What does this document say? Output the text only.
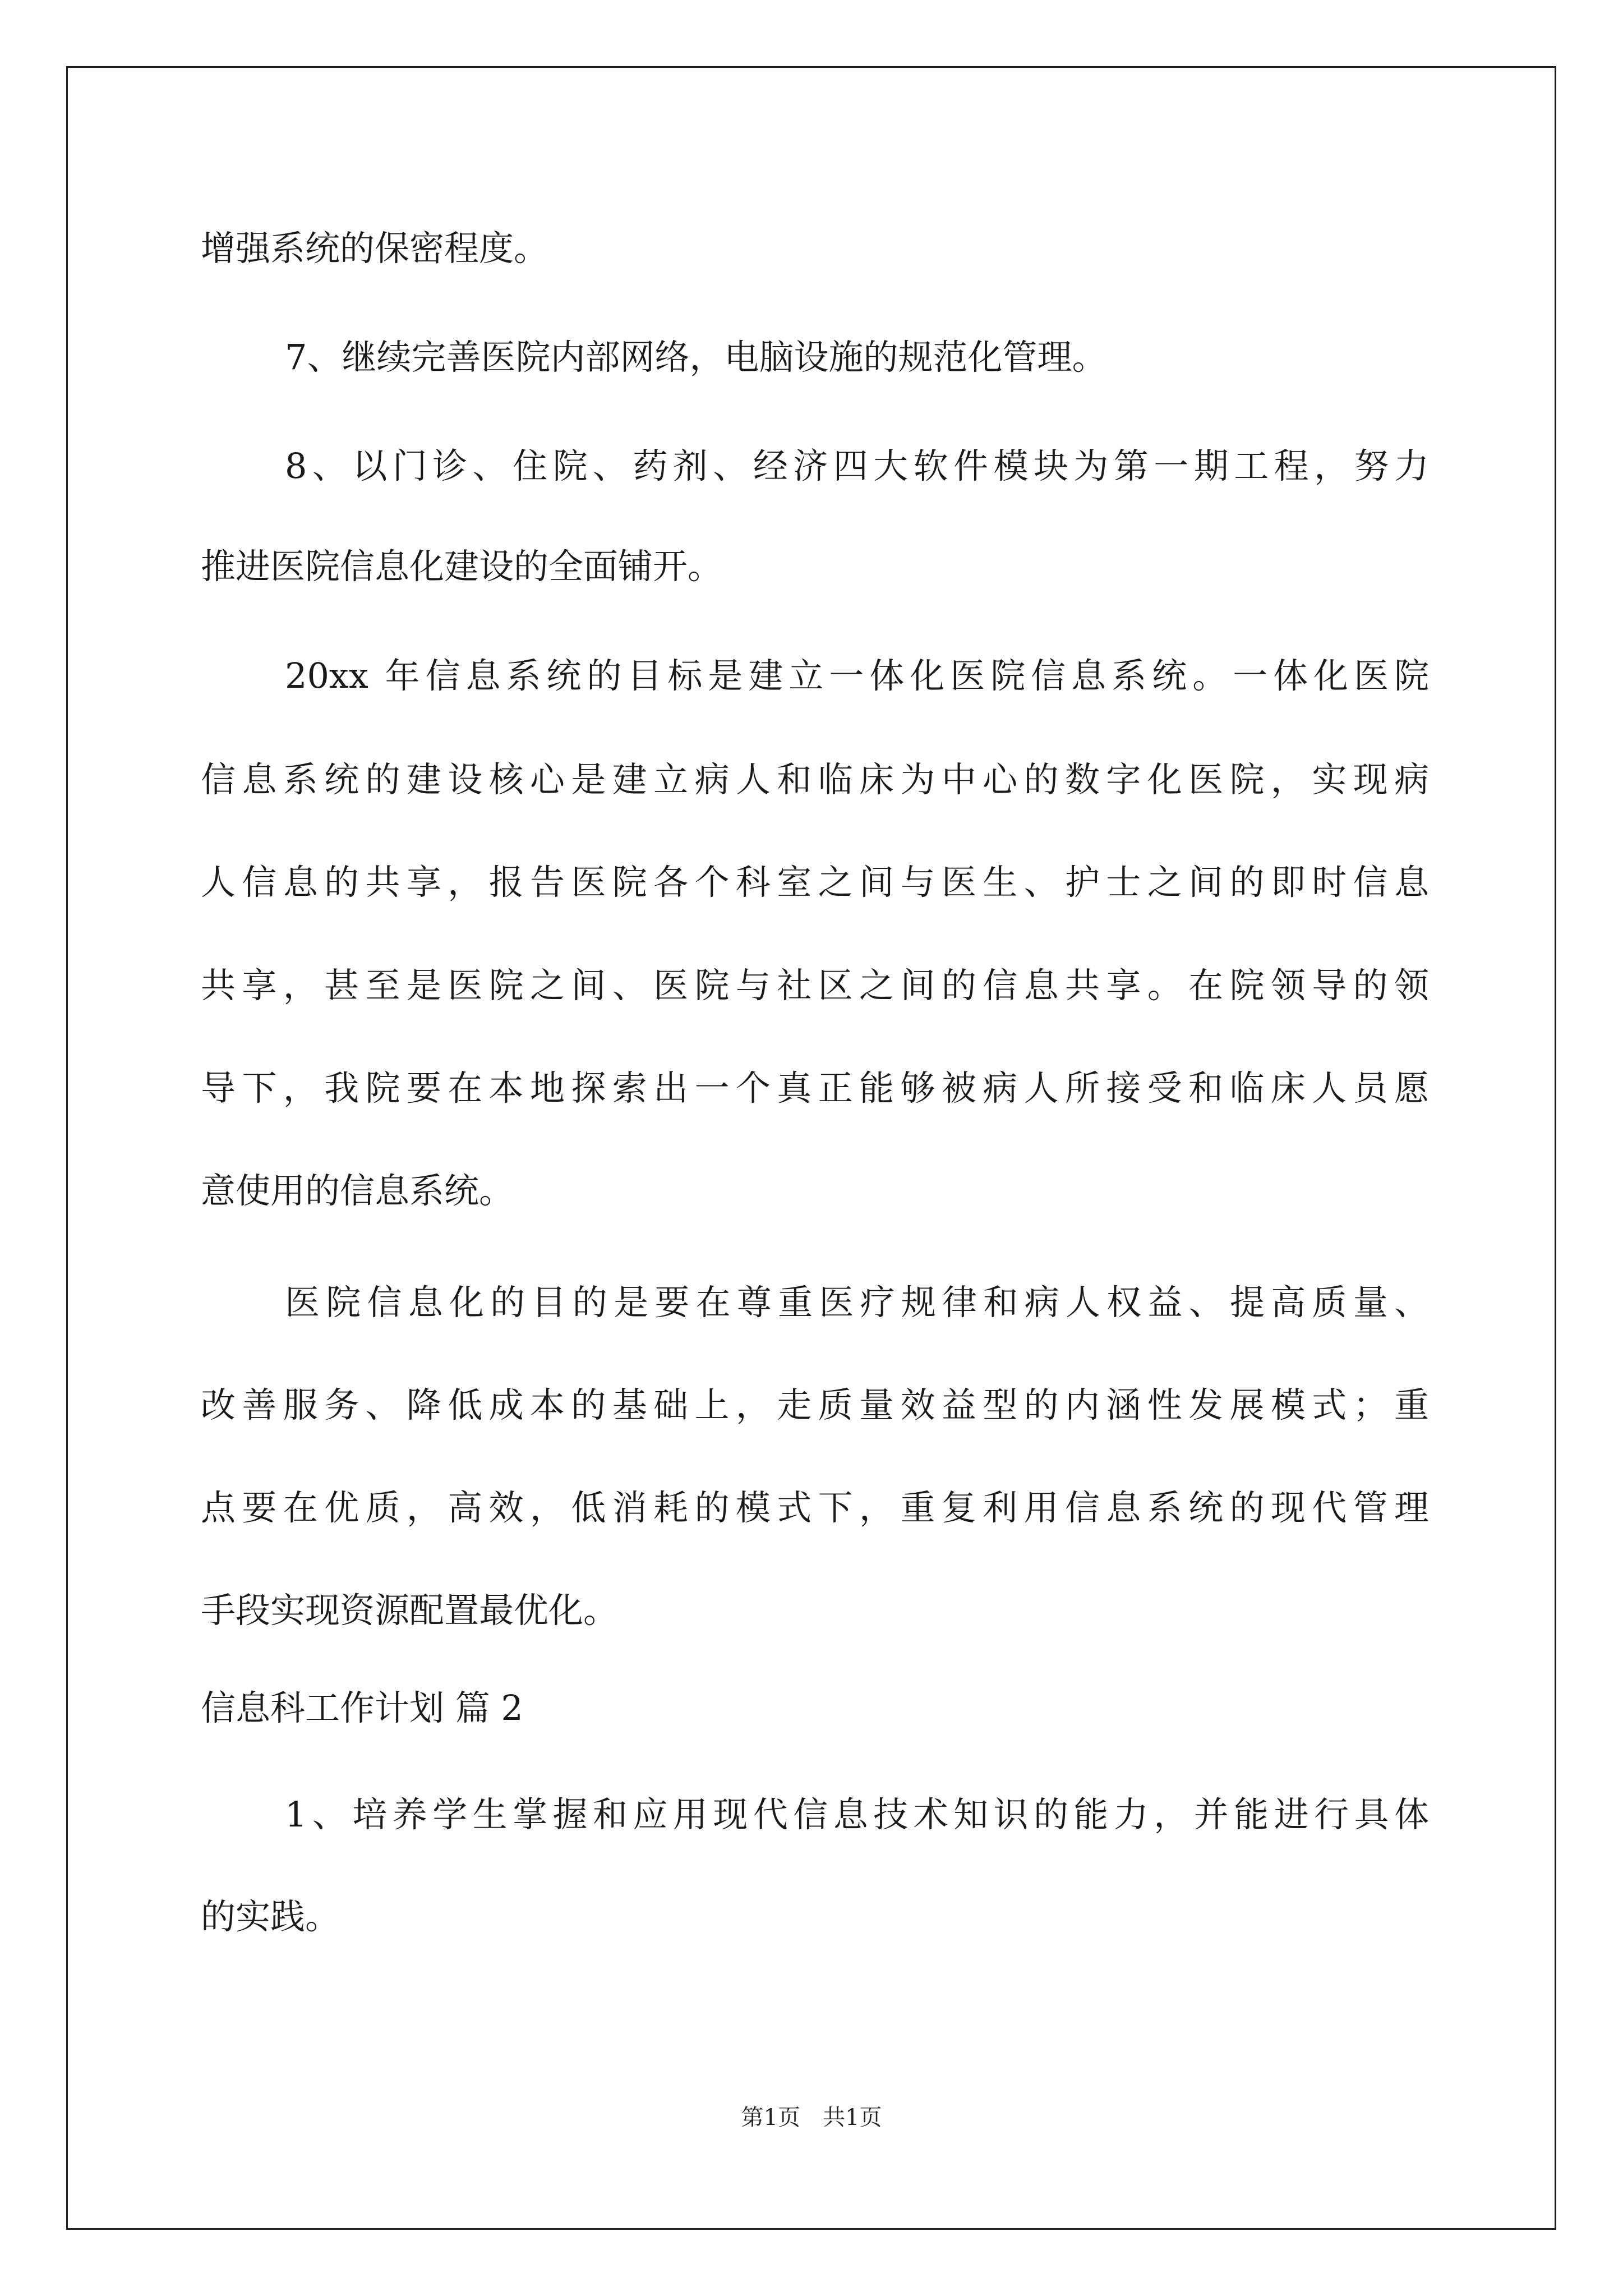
增强系统的保密程度。
7、继续完善医院内部网络，电脑设施的规范化管理。
8、以门诊、住院、药剂、经济四大软件模块为第一期工程，努力
推进医院信息化建设的全面铺开。
20xx 年信息系统的目标是建立一体化医院信息系统。一体化医院
信息系统的建设核心是建立病人和临床为中心的数字化医院，实现病
人信息的共享，报告医院各个科室之间与医生、护士之间的即时信息
共享，甚至是医院之间、医院与社区之间的信息共享。在院领导的领
导下，我院要在本地探索出一个真正能够被病人所接受和临床人员愿
意使用的信息系统。
医院信息化的目的是要在尊重医疗规律和病人权益、提高质量、
改善服务、降低成本的基础上，走质量效益型的内涵性发展模式；重
点要在优质，高效，低消耗的模式下，重复利用信息系统的现代管理
手段实现资源配置最优化。
信息科工作计划 篇 2
1、培养学生掌握和应用现代信息技术知识的能力，并能进行具体
的实践。
第1页　共1页
